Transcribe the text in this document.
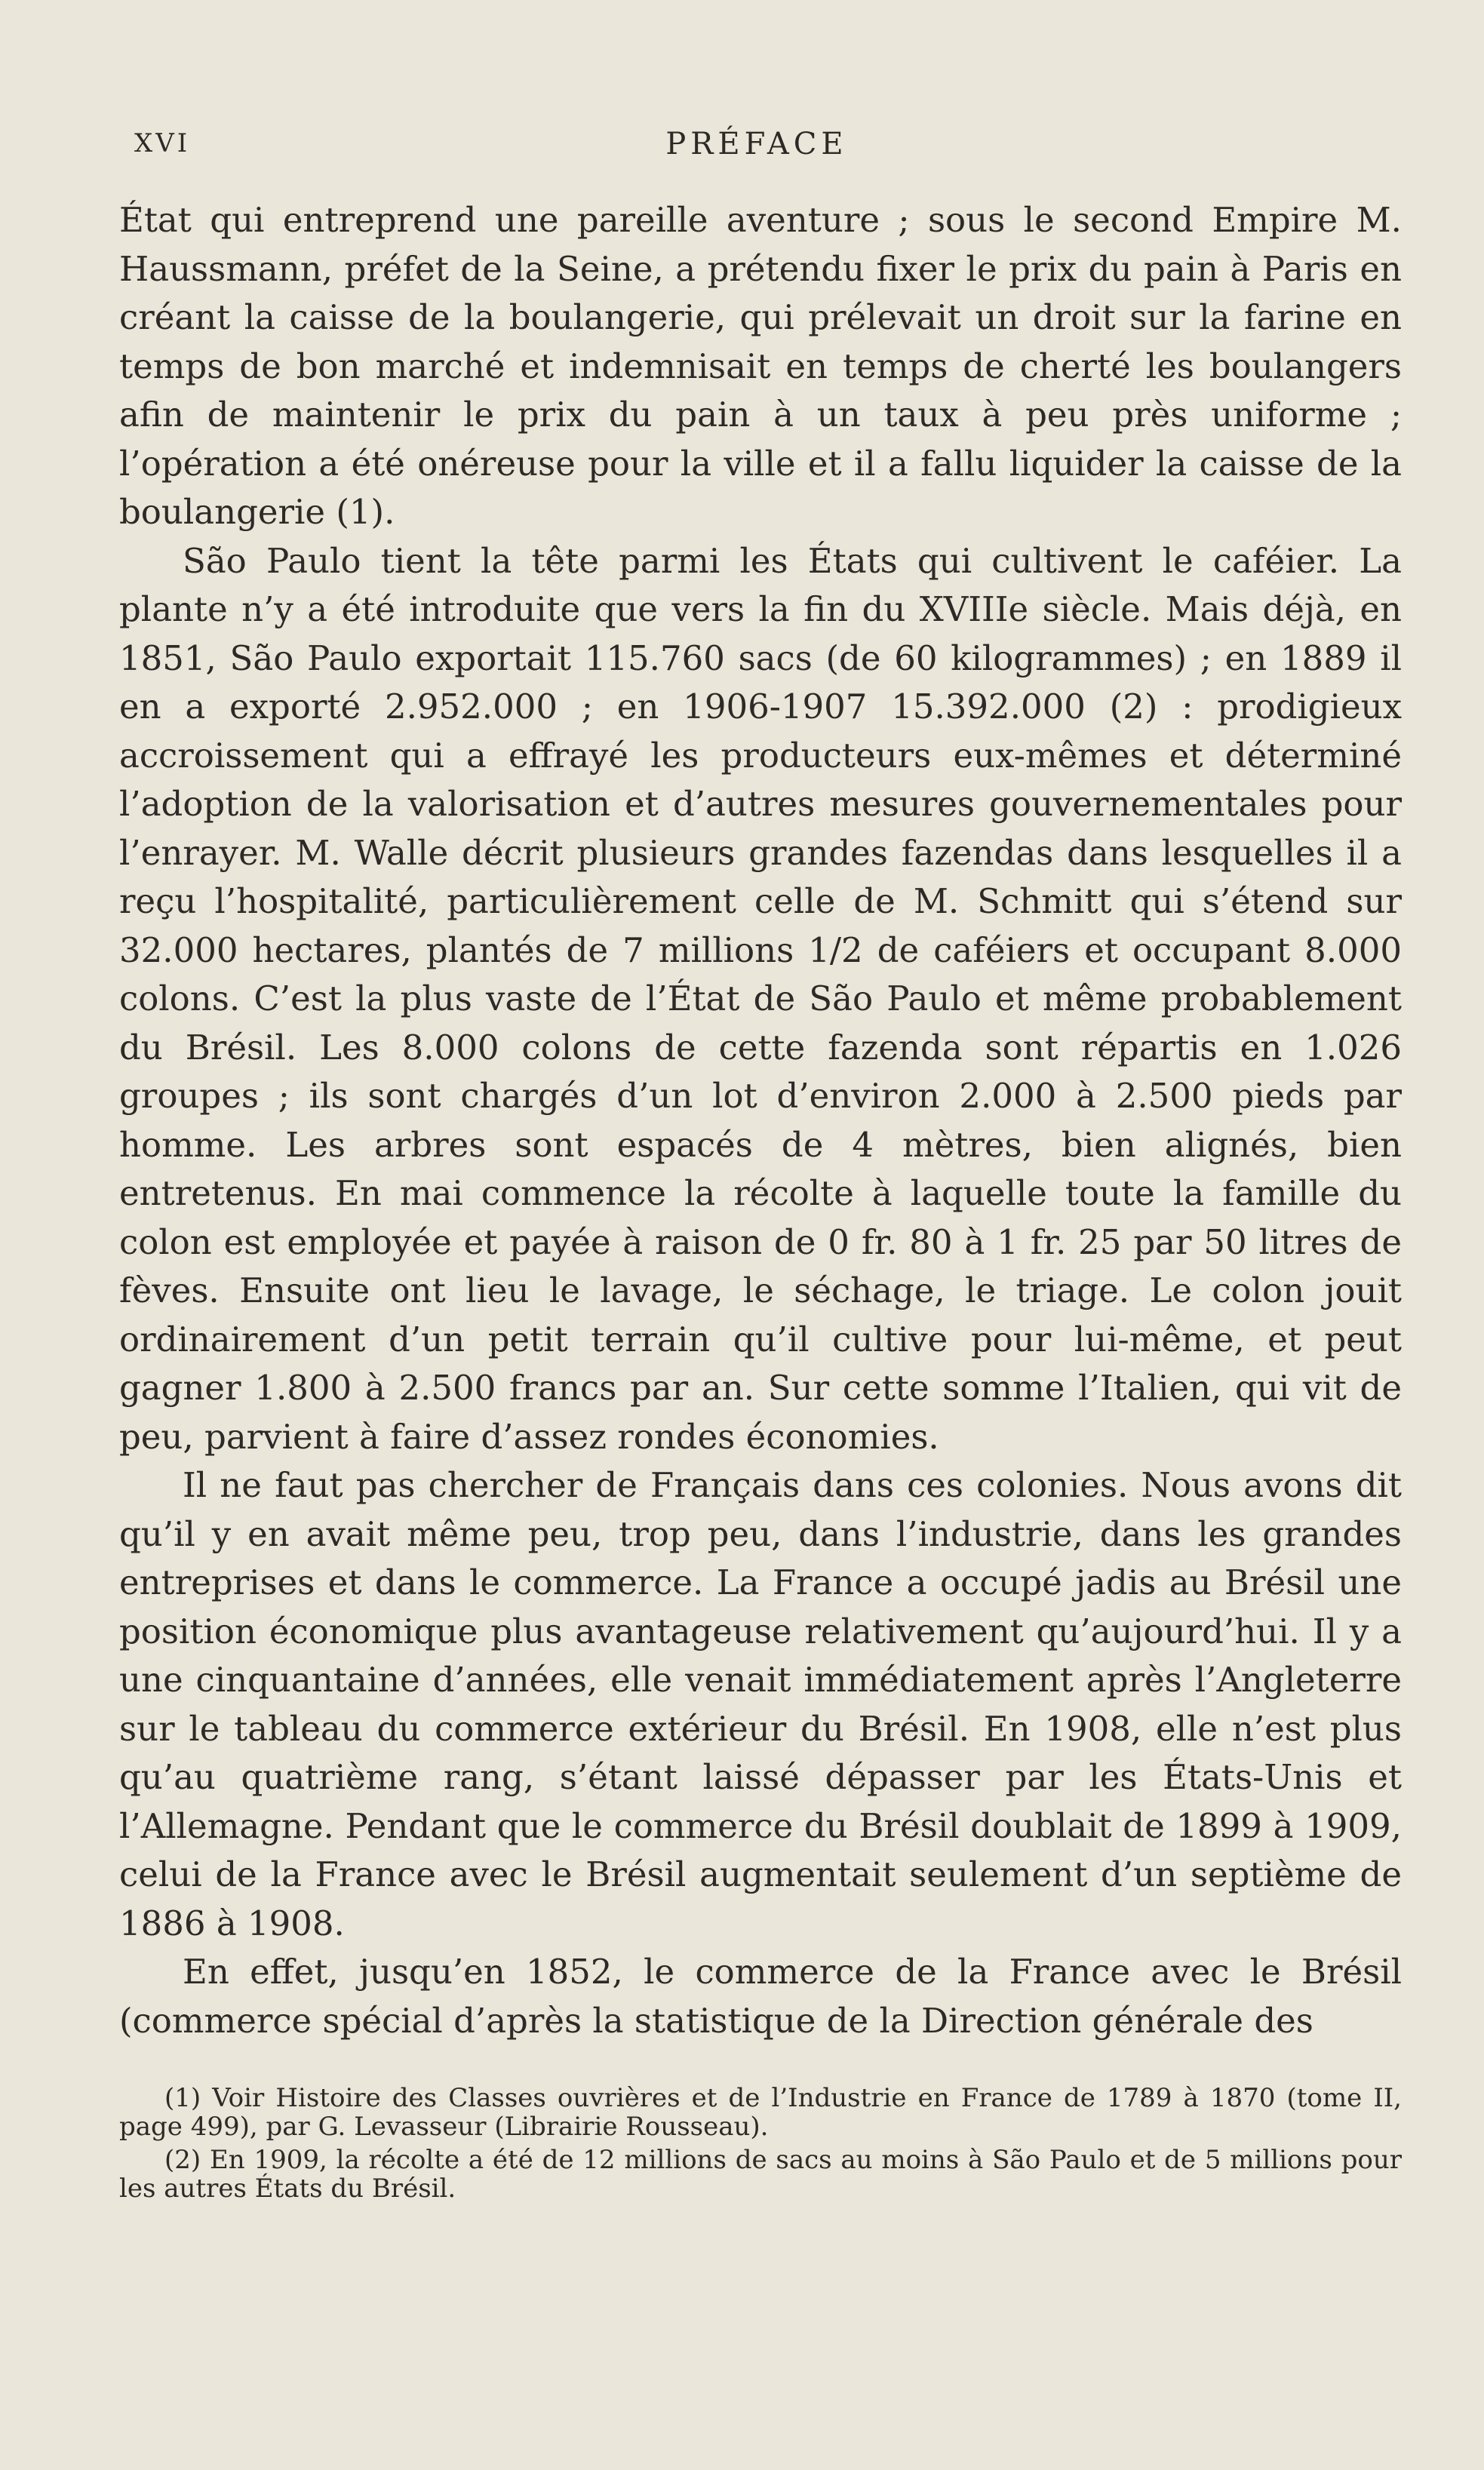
XVI	PRÉFACE

État qui entreprend une pareille aventure ; sous le second Empire M. Haussmann, préfet de la Seine, a prétendu fixer le prix du pain à Paris en créant la caisse de la boulangerie, qui prélevait un droit sur la farine en temps de bon marché et indemnisait en temps de cherté les boulangers afin de maintenir le prix du pain à un taux à peu près uniforme ; l’opération a été onéreuse pour la ville et il a fallu liquider la caisse de la boulangerie (1).

São Paulo tient la tête parmi les États qui cultivent le caféier. La plante n’y a été introduite que vers la fin du XVIIIe siècle. Mais déjà, en 1851, São Paulo exportait 115.760 sacs (de 60 kilogrammes) ; en 1889 il en a exporté 2.952.000 ; en 1906-1907 15.392.000 (2) : prodigieux accroissement qui a effrayé les producteurs eux-mêmes et déterminé l’adoption de la valorisation et d’autres mesures gouvernementales pour l’enrayer. M. Walle décrit plusieurs grandes fazendas dans lesquelles il a reçu l’hospitalité, particulièrement celle de M. Schmitt qui s’étend sur 32.000 hectares, plantés de 7 millions 1/2 de caféiers et occupant 8.000 colons. C’est la plus vaste de l’État de São Paulo et même probablement du Brésil. Les 8.000 colons de cette fazenda sont répartis en 1.026 groupes ; ils sont chargés d’un lot d’environ 2.000 à 2.500 pieds par homme. Les arbres sont espacés de 4 mètres, bien alignés, bien entretenus. En mai commence la récolte à laquelle toute la famille du colon est employée et payée à raison de 0 fr. 80 à 1 fr. 25 par 50 litres de fèves. Ensuite ont lieu le lavage, le séchage, le triage. Le colon jouit ordinairement d’un petit terrain qu’il cultive pour lui-même, et peut gagner 1.800 à 2.500 francs par an. Sur cette somme l’Italien, qui vit de peu, parvient à faire d’assez rondes économies.

Il ne faut pas chercher de Français dans ces colonies. Nous avons dit qu’il y en avait même peu, trop peu, dans l’industrie, dans les grandes entreprises et dans le commerce. La France a occupé jadis au Brésil une position économique plus avantageuse relativement qu’aujourd’hui. Il y a une cinquantaine d’années, elle venait immédiatement après l’Angleterre sur le tableau du commerce extérieur du Brésil. En 1908, elle n’est plus qu’au quatrième rang, s’étant laissé dépasser par les États-Unis et l’Allemagne. Pendant que le commerce du Brésil doublait de 1899 à 1909, celui de la France avec le Brésil augmentait seulement d’un septième de 1886 à 1908.

En effet, jusqu’en 1852, le commerce de la France avec le Brésil (commerce spécial d’après la statistique de la Direction générale des

(1) Voir Histoire des Classes ouvrières et de l’Industrie en France de 1789 à 1870 (tome II, page 499), par G. Levasseur (Librairie Rousseau).

(2) En 1909, la récolte a été de 12 millions de sacs au moins à São Paulo et de 5 millions pour les autres États du Brésil.
